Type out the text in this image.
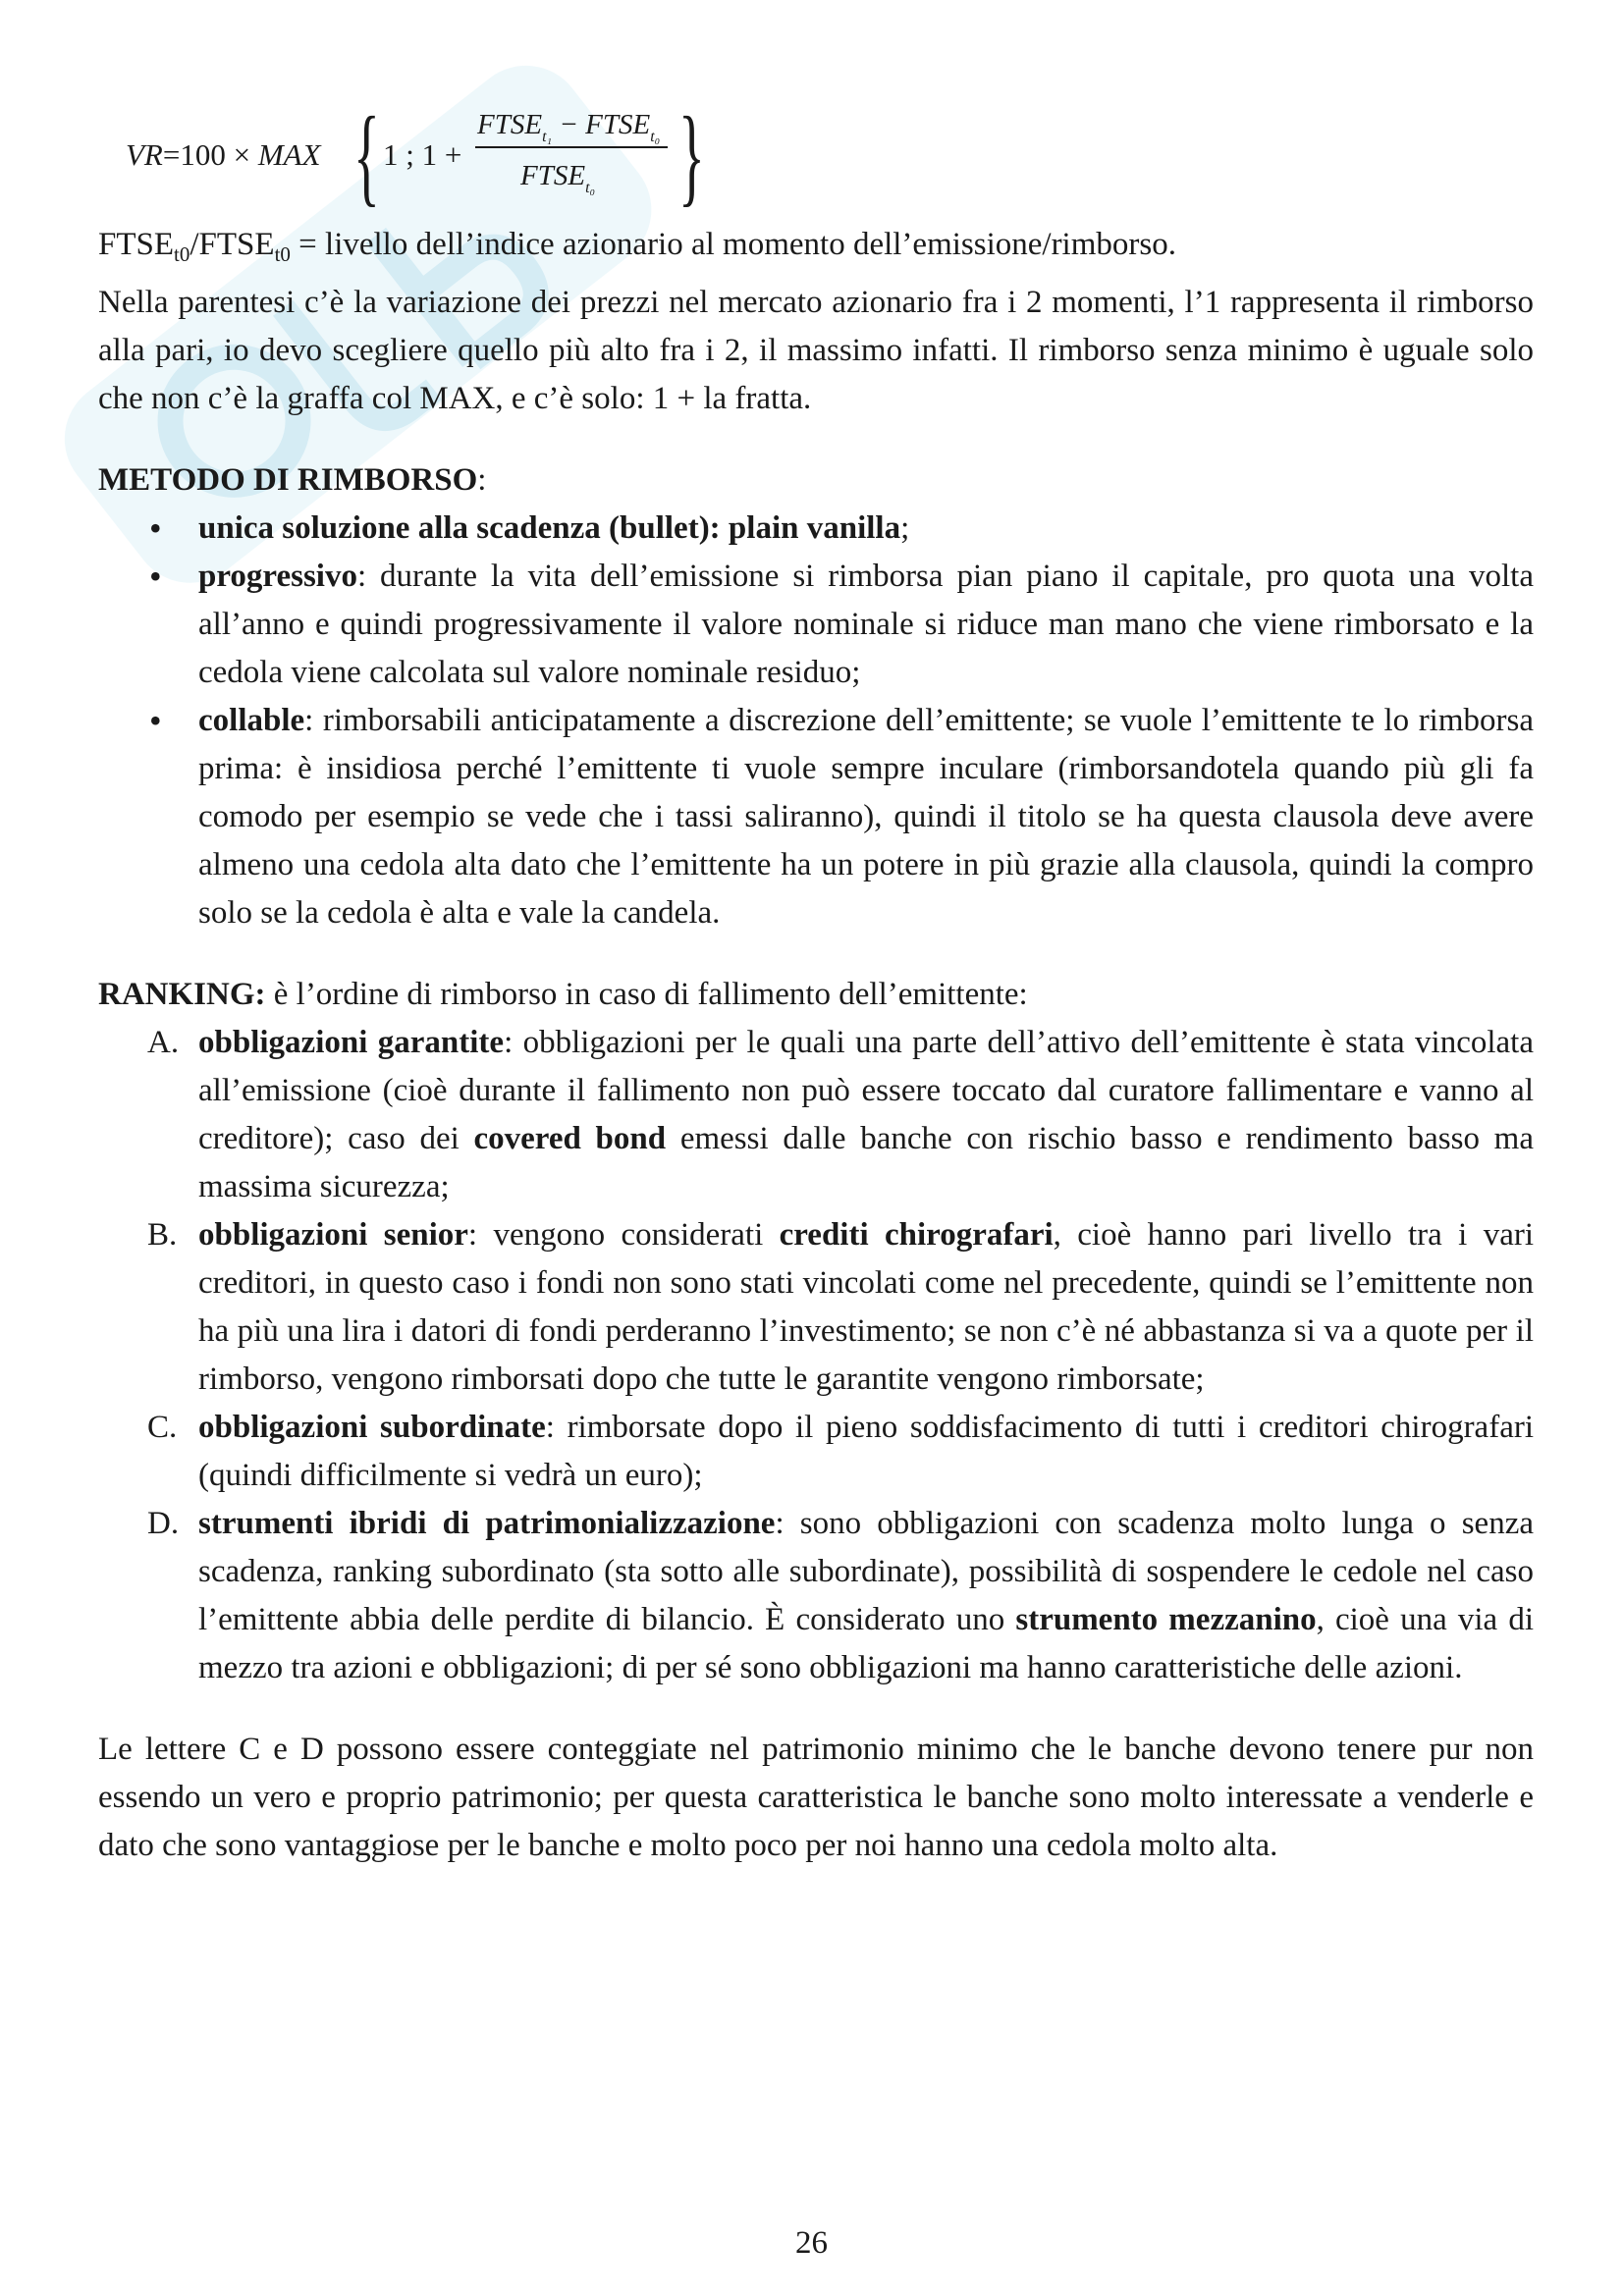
VR=100 × MAX { 1 ; 1 +
$FTSE_{t_1}$ − $FTSE_{t_0}$
$FTSE_{t_0}$ }

$FTSE_{t0}/FTSE_{t0}$ = livello dell’indice azionario al momento dell’emissione/rimborso.

Nella parentesi c’è la variazione dei prezzi nel mercato azionario fra i 2 momenti, l’1 rappresenta il rimborso alla pari, io devo scegliere quello più alto fra i 2, il massimo infatti. Il rimborso senza minimo è uguale solo che non c’è la graffa col MAX, e c’è solo: 1 + la fratta.

METODO DI RIMBORSO:

• unica soluzione alla scadenza (bullet): plain vanilla;
• progressivo: durante la vita dell’emissione si rimborsa pian piano il capitale, pro quota una volta all’anno e quindi progressivamente il valore nominale si riduce man mano che viene rimborsato e la cedola viene calcolata sul valore nominale residuo;
• collable: rimborsabili anticipatamente a discrezione dell’emittente; se vuole l’emittente te lo rimborsa prima: è insidiosa perché l’emittente ti vuole sempre inculare (rimborsandotela quando più gli fa comodo per esempio se vede che i tassi saliranno), quindi il titolo se ha questa clausola deve avere almeno una cedola alta dato che l’emittente ha un potere in più grazie alla clausola, quindi la compro solo se la cedola è alta e vale la candela.

RANKING: è l’ordine di rimborso in caso di fallimento dell’emittente:

A. obbligazioni garantite: obbligazioni per le quali una parte dell’attivo dell’emittente è stata vincolata all’emissione (cioè durante il fallimento non può essere toccato dal curatore fallimentare e vanno al creditore); caso dei covered bond emessi dalle banche con rischio basso e rendimento basso ma massima sicurezza;
B. obbligazioni senior: vengono considerati crediti chirografari, cioè hanno pari livello tra i vari creditori, in questo caso i fondi non sono stati vincolati come nel precedente, quindi se l’emittente non ha più una lira i datori di fondi perderanno l’investimento; se non c’è né abbastanza si va a quote per il rimborso, vengono rimborsati dopo che tutte le garantite vengono rimborsate;
C. obbligazioni subordinate: rimborsate dopo il pieno soddisfacimento di tutti i creditori chirografari (quindi difficilmente si vedrà un euro);
D. strumenti ibridi di patrimonializzazione: sono obbligazioni con scadenza molto lunga o senza scadenza, ranking subordinato (sta sotto alle subordinate), possibilità di sospendere le cedole nel caso l’emittente abbia delle perdite di bilancio. È considerato uno strumento mezzanino, cioè una via di mezzo tra azioni e obbligazioni; di per sé sono obbligazioni ma hanno caratteristiche delle azioni.

Le lettere C e D possono essere conteggiate nel patrimonio minimo che le banche devono tenere pur non essendo un vero e proprio patrimonio; per questa caratteristica le banche sono molto interessate a venderle e dato che sono vantaggiose per le banche e molto poco per noi hanno una cedola molto alta.

26
